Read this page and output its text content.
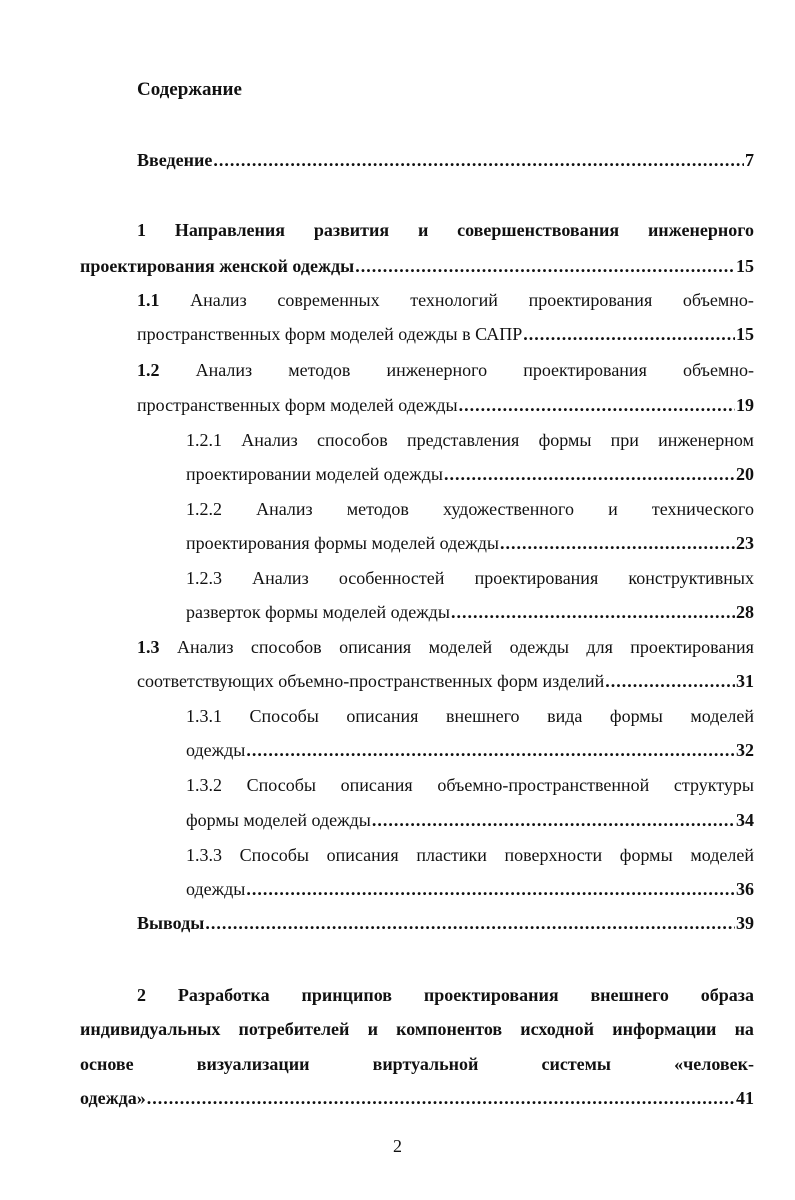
Содержание
Введение .....	7
1 Направления развития и совершенствования инженерного
проектирования женской одежды .....	15
1.1 Анализ современных технологий проектирования объемно-
пространственных форм моделей одежды в САПР .....	15
1.2 Анализ методов инженерного проектирования объемно-
пространственных форм моделей одежды .....	19
1.2.1 Анализ способов представления формы при инженерном
проектировании моделей одежды .....	20
1.2.2 Анализ методов художественного и технического
проектирования формы моделей одежды .....	23
1.2.3 Анализ особенностей проектирования конструктивных
разверток формы моделей одежды .....	28
1.3 Анализ способов описания моделей одежды для проектирования
соответствующих объемно-пространственных форм изделий .....	31
1.3.1 Способы описания внешнего вида формы моделей
одежды .....	32
1.3.2 Способы описания объемно-пространственной структуры
формы моделей одежды .....	34
1.3.3 Способы описания пластики поверхности формы моделей
одежды .....	36
Выводы .....	39
2 Разработка принципов проектирования внешнего образа
индивидуальных потребителей и компонентов исходной информации на
основе	визуализации	виртуальной	системы	«человек-
одежда» .....	41
2
